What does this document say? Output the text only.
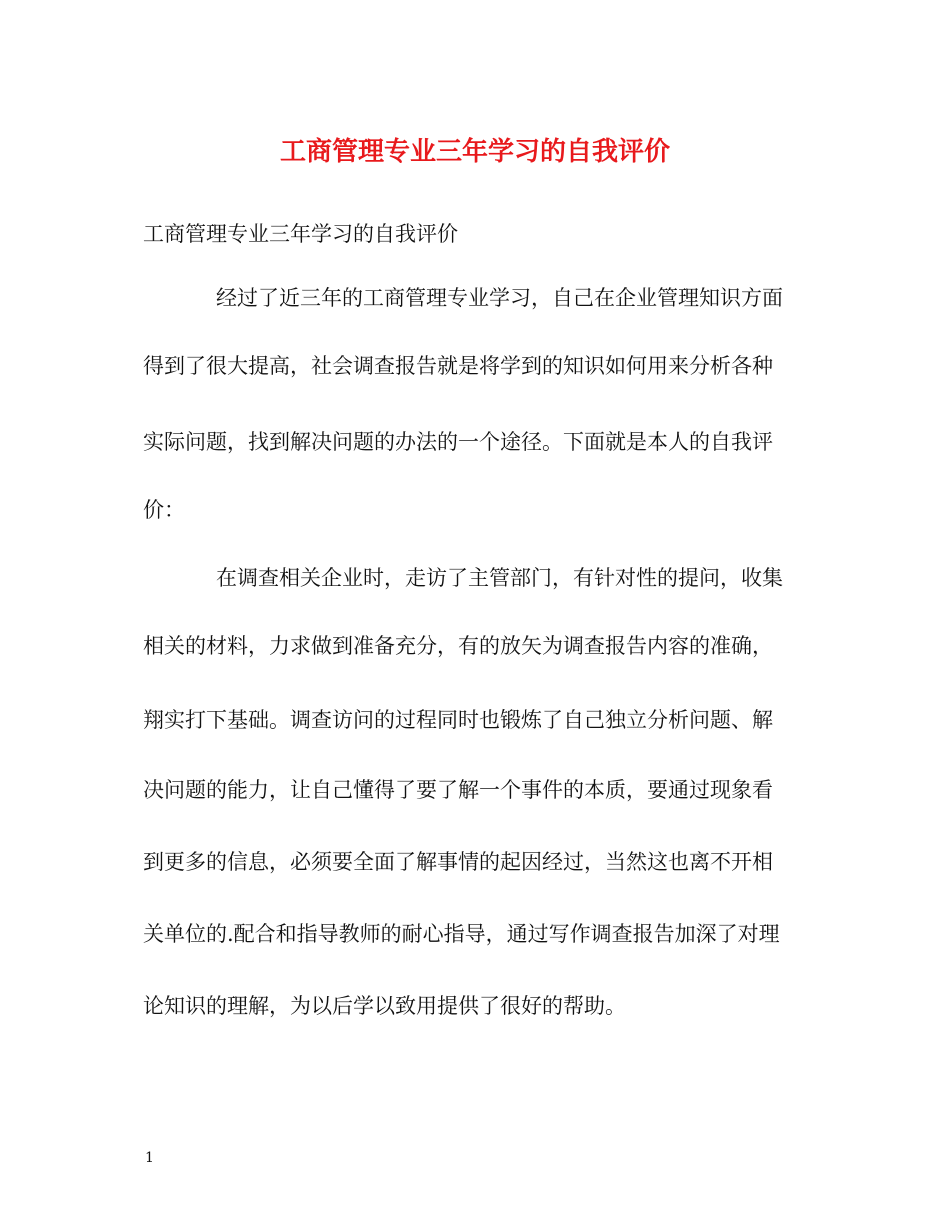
工商管理专业三年学习的自我评价
工商管理专业三年学习的自我评价
经过了近三年的工商管理专业学习，自己在企业管理知识方面
得到了很大提高，社会调查报告就是将学到的知识如何用来分析各种
实际问题，找到解决问题的办法的一个途径。下面就是本人的自我评
价：
在调查相关企业时，走访了主管部门，有针对性的提问，收集
相关的材料，力求做到准备充分，有的放矢为调查报告内容的准确，
翔实打下基础。调查访问的过程同时也锻炼了自己独立分析问题、解
决问题的能力，让自己懂得了要了解一个事件的本质，要通过现象看
到更多的信息，必须要全面了解事情的起因经过，当然这也离不开相
关单位的.配合和指导教师的耐心指导，通过写作调查报告加深了对理
论知识的理解，为以后学以致用提供了很好的帮助。
1
